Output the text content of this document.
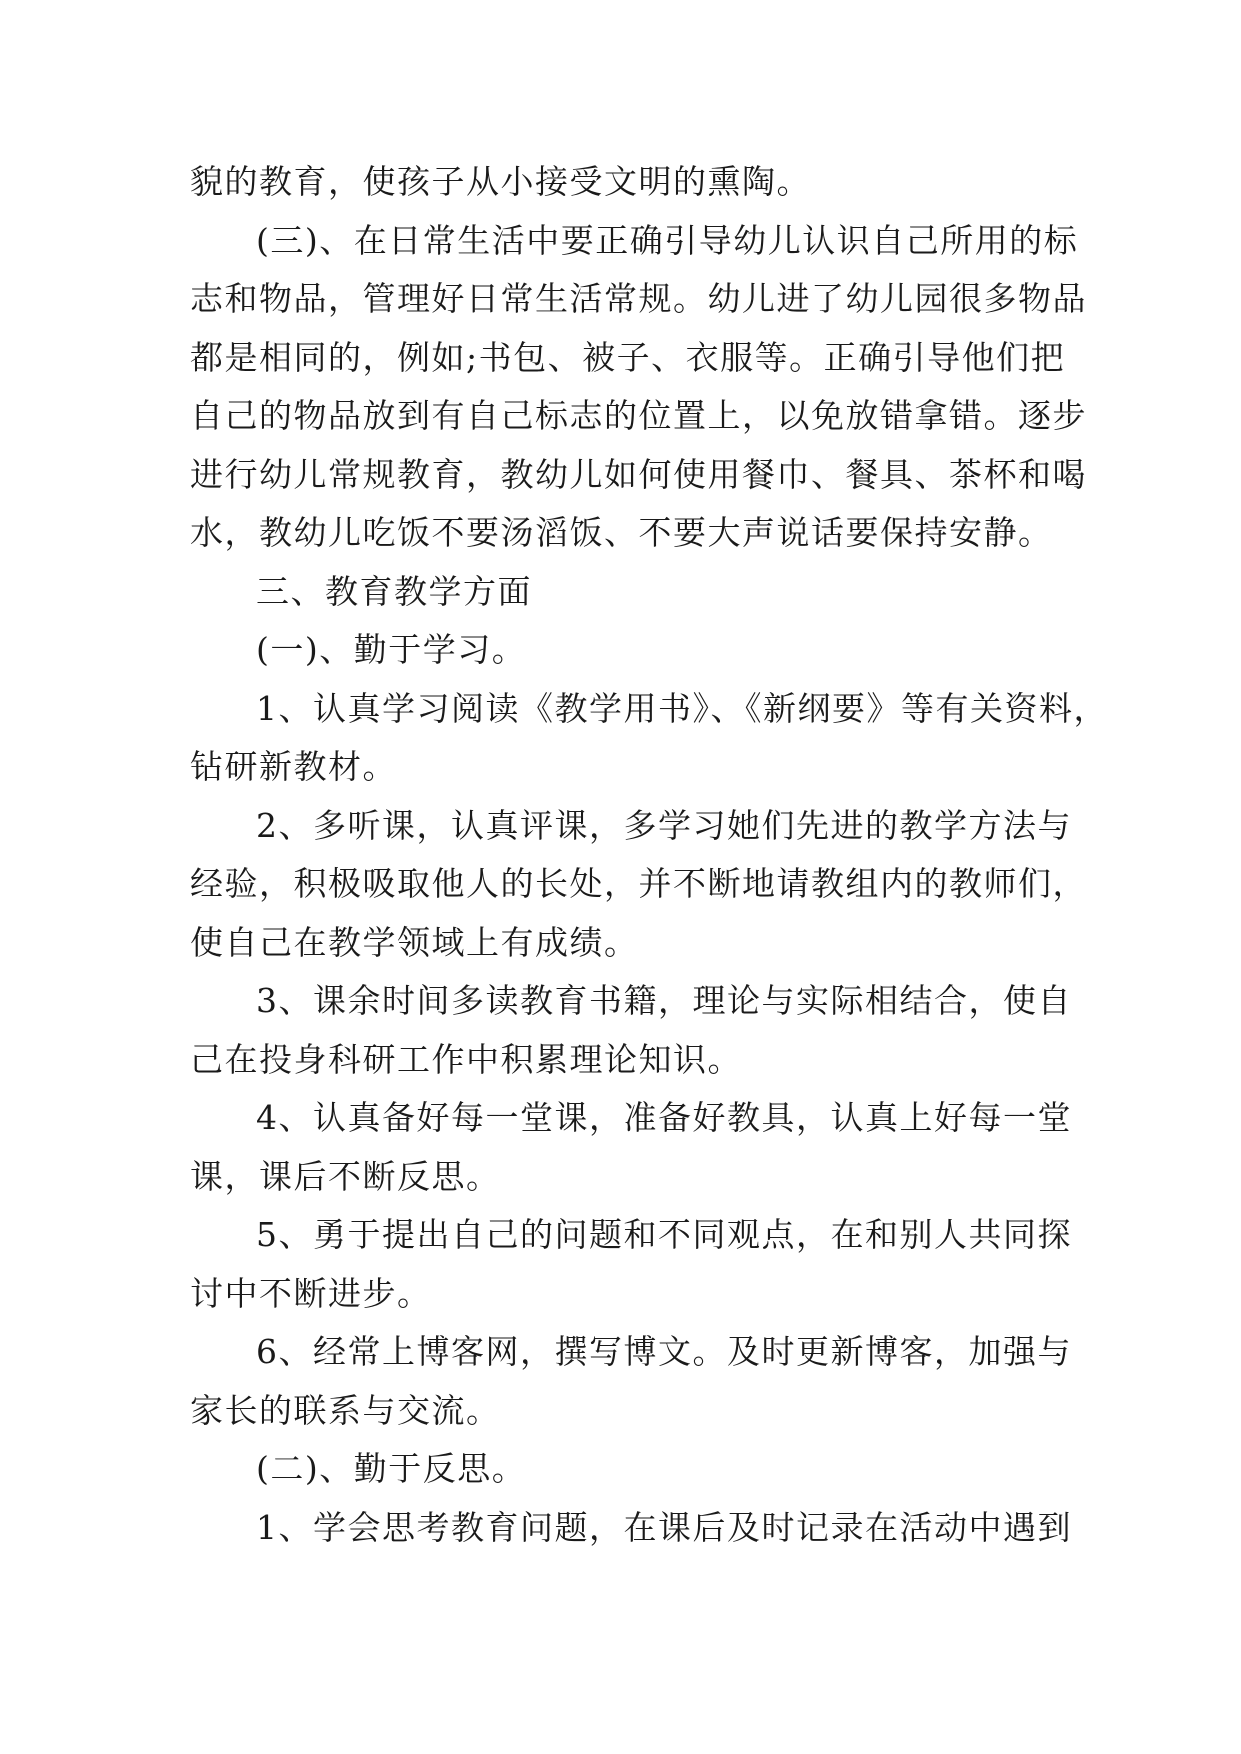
貌的教育，使孩子从小接受文明的熏陶。
(三)、在日常生活中要正确引导幼儿认识自己所用的标
志和物品，管理好日常生活常规。幼儿进了幼儿园很多物品
都是相同的，例如;书包、被子、衣服等。正确引导他们把
自己的物品放到有自己标志的位置上，以免放错拿错。逐步
进行幼儿常规教育，教幼儿如何使用餐巾、餐具、茶杯和喝
水，教幼儿吃饭不要汤滔饭、不要大声说话要保持安静。
三、教育教学方面
(一)、勤于学习。
1、认真学习阅读《教学用书》、《新纲要》等有关资料，
钻研新教材。
2、多听课，认真评课，多学习她们先进的教学方法与
经验，积极吸取他人的长处，并不断地请教组内的教师们，
使自己在教学领域上有成绩。
3、课余时间多读教育书籍，理论与实际相结合，使自
己在投身科研工作中积累理论知识。
4、认真备好每一堂课，准备好教具，认真上好每一堂
课，课后不断反思。
5、勇于提出自己的问题和不同观点，在和别人共同探
讨中不断进步。
6、经常上博客网，撰写博文。及时更新博客，加强与
家长的联系与交流。
(二)、勤于反思。
1、学会思考教育问题，在课后及时记录在活动中遇到
